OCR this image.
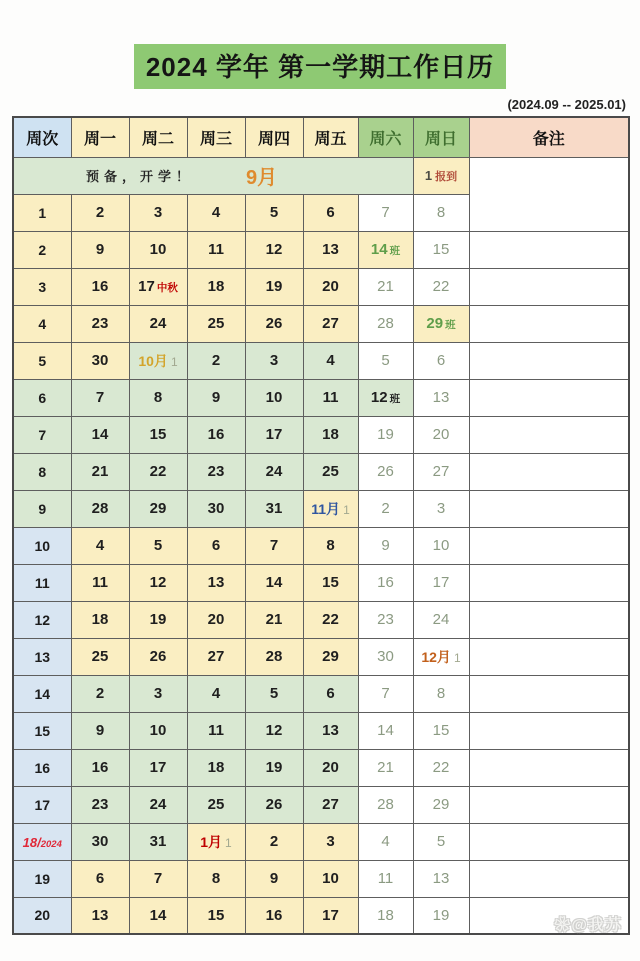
2024 学年 第一学期工作日历
(2024.09 -- 2025.01)
周次	周一	周二	周三	周四	周五	周六	周日	备注

预备，开学！ 9月							1 报到	
1	2	3	4	5	6	7	8	
2	9	10	11	12	13	14 班	15	
3	16	17 中秋	18	19	20	21	22	
4	23	24	25	26	27	28	29 班	
5	30	10月 1	2	3	4	5	6	
6	7	8	9	10	11	12 班	13	
7	14	15	16	17	18	19	20	
8	21	22	23	24	25	26	27	
9	28	29	30	31	11月 1	2	3	
10	4	5	6	7	8	9	10	
11	11	12	13	14	15	16	17	
12	18	19	20	21	22	23	24	
13	25	26	27	28	29	30	12月 1	
14	2	3	4	5	6	7	8	
15	9	10	11	12	13	14	15	
16	16	17	18	19	20	21	22	
17	23	24	25	26	27	28	29	
18/2024	30	31	1月 1	2	3	4	5	
19	6	7	8	9	10	11	13	
20	13	14	15	16	17	18	19	
❀@我苏
